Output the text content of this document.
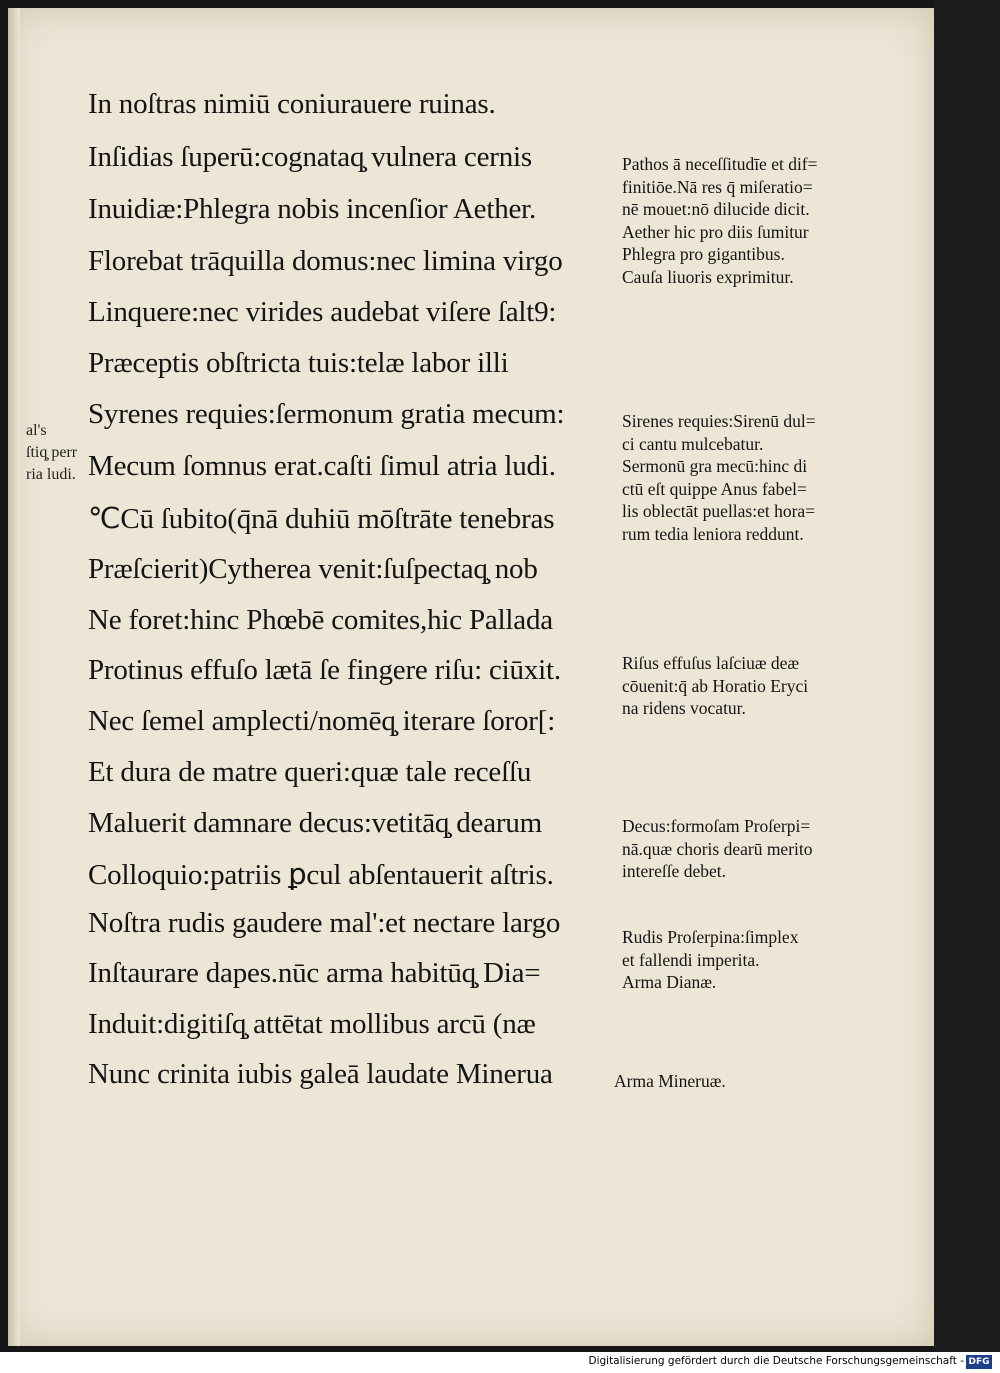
In noſtras nimiū coniurauere ruinas.

Inſidias ſuperū:cognataq̧ vulnera cernis

Inuidiæ:Phlegra nobis incenſior Aether.

Florebat trāquilla domus:nec limina virgo

Linquere:nec virides audebat viſere ſalt9:

Præceptis obſtricta tuis:telæ labor illi

Syrenes requies:ſermonum gratia mecum:

Mecum ſomnus erat.caſti ſimul atria ludi.

℃Cū ſubito(q̄nā duhiū mōſtrāte tenebras

Præſcierit)Cytherea venit:ſuſpectaq̧ nob

Ne foret:hinc Phœbē comites,hic Pallada

Protinus effuſo lætā ſe fingere riſu: ciūxit.

Nec ſemel amplecti/nomēq̧ iterare ſoror[:

Et dura de matre queri:quæ tale receſſu

Maluerit damnare decus:vetitāq̧ dearum

Colloquio:patriis ꝑcul abſentauerit aſtris.

Noſtra rudis gaudere mal':et nectare largo

Inſtaurare dapes.nūc arma habitūq̧ Dia=

Induit:digitiſq̧ attētat mollibus arcū (næ

Nunc crinita iubis galeā laudate Minerua

Pathos ā neceſſitudīe et dif=
finitiōe.Nā res q̄ miſeratio=
nē mouet:nō dilucide dicit.
Aether hic pro diis ſumitur
Phlegra pro gigantibus.
Cauſa liuoris exprimitur.
Sirenes requies:Sirenū dul=
ci cantu mulcebatur.
Sermonū gra mecū:hinc di
ctū eſt quippe Anus fabel=
lis oblectāt puellas:et hora=
rum tedia leniora reddunt.
Riſus effuſus laſciuæ deæ
cōuenit:q̄ ab Horatio Eryci
na ridens vocatur.
Decus:formoſam Proſerpi=
nā.quæ choris dearū merito
intereſſe debet.
Rudis Proſerpina:ſimplex
et fallendi imperita.
Arma Dianæ.
Arma Mineruæ.
al's
ſtiq̧ perr
ria ludi.
Digitalisierung gefördert durch die Deutsche Forschungsgemeinschaft - DFG
